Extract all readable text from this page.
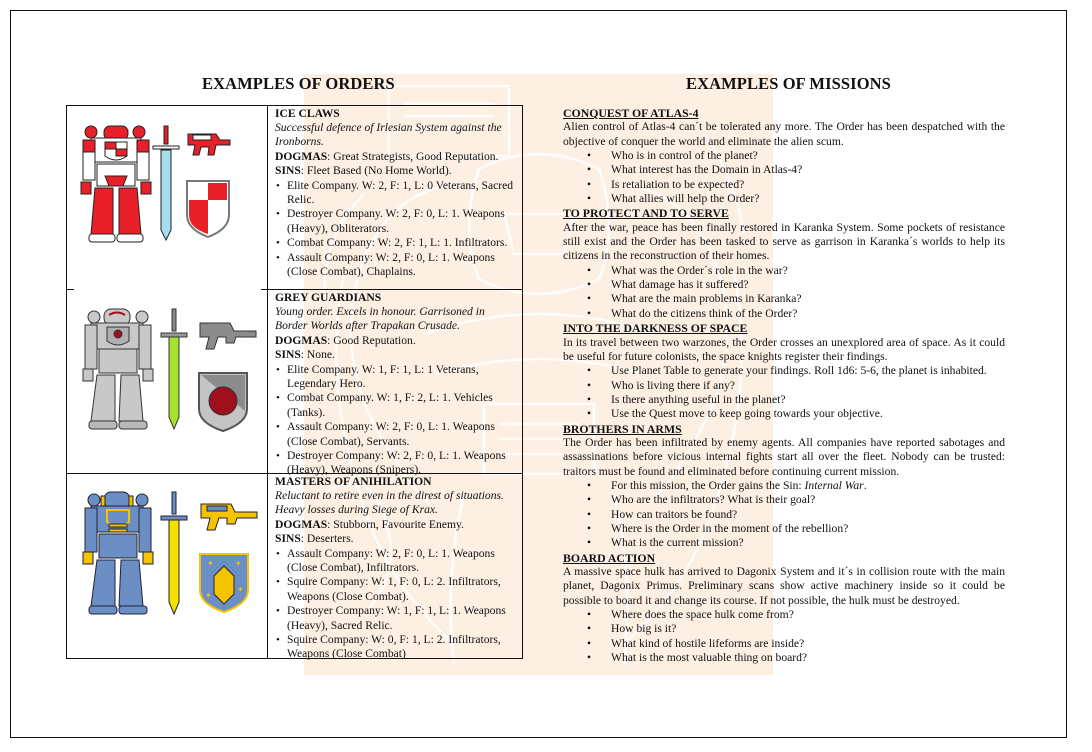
EXAMPLES OF ORDERS	EXAMPLES OF MISSIONS
ICE CLAWS
Successful defence of Irlesian System against the Ironborns.
DOGMAS: Great Strategists, Good Reputation.
SINS: Fleet Based (No Home World).
• Elite Company. W: 2, F: 1, L: 0 Veterans, Sacred Relic.
• Destroyer Company. W: 2, F: 0, L: 1. Weapons (Heavy), Obliterators.
• Combat Company: W: 2, F: 1, L: 1. Infiltrators.
• Assault Company: W: 2, F: 0, L: 1. Weapons (Close Combat), Chaplains.
GREY GUARDIANS
Young order. Excels in honour. Garrisoned in Border Worlds after Trapakan Crusade.
DOGMAS: Good Reputation.
SINS: None.
• Elite Company. W: 1, F: 1, L: 1 Veterans, Legendary Hero.
• Combat Company. W: 1, F: 2, L: 1. Vehicles (Tanks).
• Assault Company: W: 2, F: 0, L: 1. Weapons (Close Combat), Servants.
• Destroyer Company: W: 2, F: 0, L: 1. Weapons (Heavy), Weapons (Snipers).
✦	✦
✦
✦
MASTERS OF ANIHILATION
Reluctant to retire even in the direst of situations. Heavy losses during Siege of Krax.
DOGMAS: Stubborn, Favourite Enemy.
SINS: Deserters.
• Assault Company: W: 2, F: 0, L: 1. Weapons (Close Combat), Infiltrators.
• Squire Company: W: 1, F: 0, L: 2. Infiltrators, Weapons (Close Combat).
• Destroyer Company: W: 1, F: 1, L: 1. Weapons (Heavy), Sacred Relic.
• Squire Company: W: 0, F: 1, L: 2. Infiltrators, Weapons (Close Combat)
CONQUEST OF ATLAS-4
Alien control of Atlas-4 can´t be tolerated any more. The Order has been despatched with the objective of conquer the world and eliminate the alien scum.
• Who is in control of the planet?
• What interest has the Domain in Atlas-4?
• Is retaliation to be expected?
• What allies will help the Order?
TO PROTECT AND TO SERVE
After the war, peace has been finally restored in Karanka System. Some pockets of resistance still exist and the Order has been tasked to serve as garrison in Karanka´s worlds to help its citizens in the reconstruction of their homes.
• What was the Order´s role in the war?
• What damage has it suffered?
• What are the main problems in Karanka?
• What do the citizens think of the Order?
INTO THE DARKNESS OF SPACE
In its travel between two warzones, the Order crosses an unexplored area of space. As it could be useful for future colonists, the space knights register their findings.
• Use Planet Table to generate your findings. Roll 1d6: 5-6, the planet is inhabited.
• Who is living there if any?
• Is there anything useful in the planet?
• Use the Quest move to keep going towards your objective.
BROTHERS IN ARMS
The Order has been infiltrated by enemy agents. All companies have reported sabotages and assassinations before vicious internal fights start all over the fleet. Nobody can be trusted: traitors must be found and eliminated before continuing current mission.
• For this mission, the Order gains the Sin: Internal War.
• Who are the infiltrators? What is their goal?
• How can traitors be found?
• Where is the Order in the moment of the rebellion?
• What is the current mission?
BOARD ACTION
A massive space hulk has arrived to Dagonix System and it´s in collision route with the main planet, Dagonix Primus. Preliminary scans show active machinery inside so it could be possible to board it and change its course. If not possible, the hulk must be destroyed.
• Where does the space hulk come from?
• How big is it?
• What kind of hostile lifeforms are inside?
• What is the most valuable thing on board?
